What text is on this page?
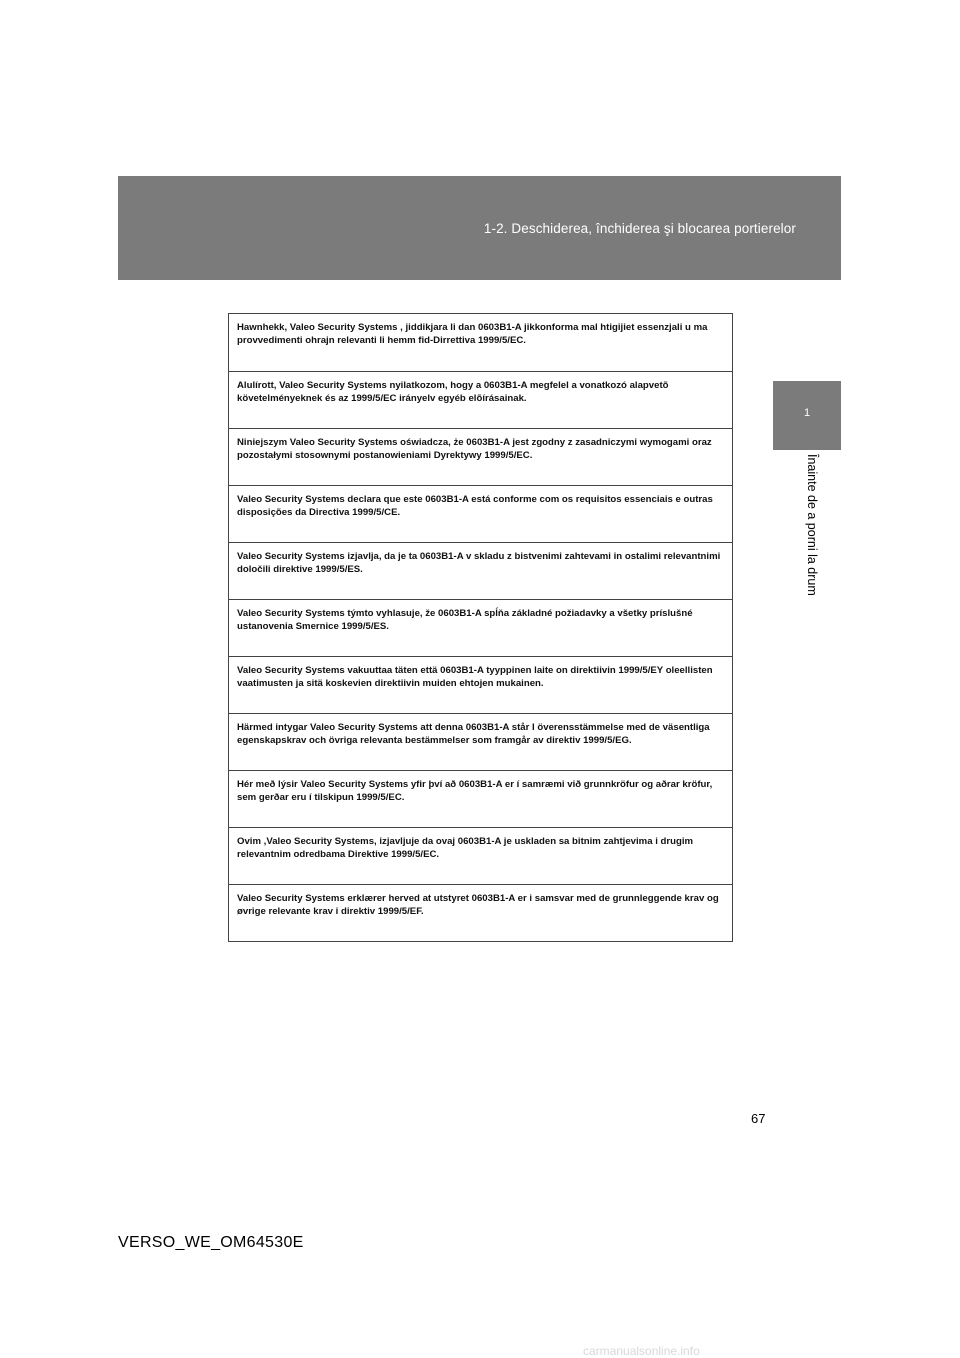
1-2. Deschiderea, închiderea şi blocarea portierelor
1
Înainte de a porni la drum
Hawnhekk, Valeo Security Systems , jiddikjara li dan 0603B1-A jikkonforma mal htigijiet essenzjali u ma provvedimenti ohrajn relevanti li hemm fid-Dirrettiva 1999/5/EC.
Alulírott, Valeo Security Systems nyilatkozom, hogy a 0603B1-A megfelel a vonatkozó alapvetõ követelményeknek és az 1999/5/EC irányelv egyéb elõírásainak.
Niniejszym Valeo Security Systems oświadcza, że 0603B1-A jest zgodny z zasadniczymi wymogami oraz pozostałymi stosownymi postanowieniami Dyrektywy 1999/5/EC.
Valeo Security Systems declara que este 0603B1-A está conforme com os requisitos essenciais e outras disposições da Directiva 1999/5/CE.
Valeo Security Systems izjavlja, da je ta 0603B1-A v skladu z bistvenimi zahtevami in ostalimi relevantnimi določili direktive 1999/5/ES.
Valeo Security Systems týmto vyhlasuje, že 0603B1-A spĺňa základné požiadavky a všetky príslušné ustanovenia Smernice 1999/5/ES.
Valeo Security Systems vakuuttaa täten että 0603B1-A tyyppinen laite on direktiivin 1999/5/EY oleellisten vaatimusten ja sitä koskevien direktiivin muiden ehtojen mukainen.
Härmed intygar Valeo Security Systems att denna 0603B1-A står I överensstämmelse med de väsentliga egenskapskrav och övriga relevanta bestämmelser som framgår av direktiv 1999/5/EG.
Hér með lýsir Valeo Security Systems yfir því að 0603B1-A er í samræmi við grunnkröfur og aðrar kröfur, sem gerðar eru í tilskipun 1999/5/EC.
Ovim ,Valeo Security Systems, izjavljuje da ovaj 0603B1-A je uskladen sa bitnim zahtjevima i drugim relevantnim odredbama Direktive 1999/5/EC.
Valeo Security Systems erklærer herved at utstyret 0603B1-A er i samsvar med de grunnleggende krav og øvrige relevante krav i direktiv 1999/5/EF.
67
VERSO_WE_OM64530E
carmanualsonline.info
